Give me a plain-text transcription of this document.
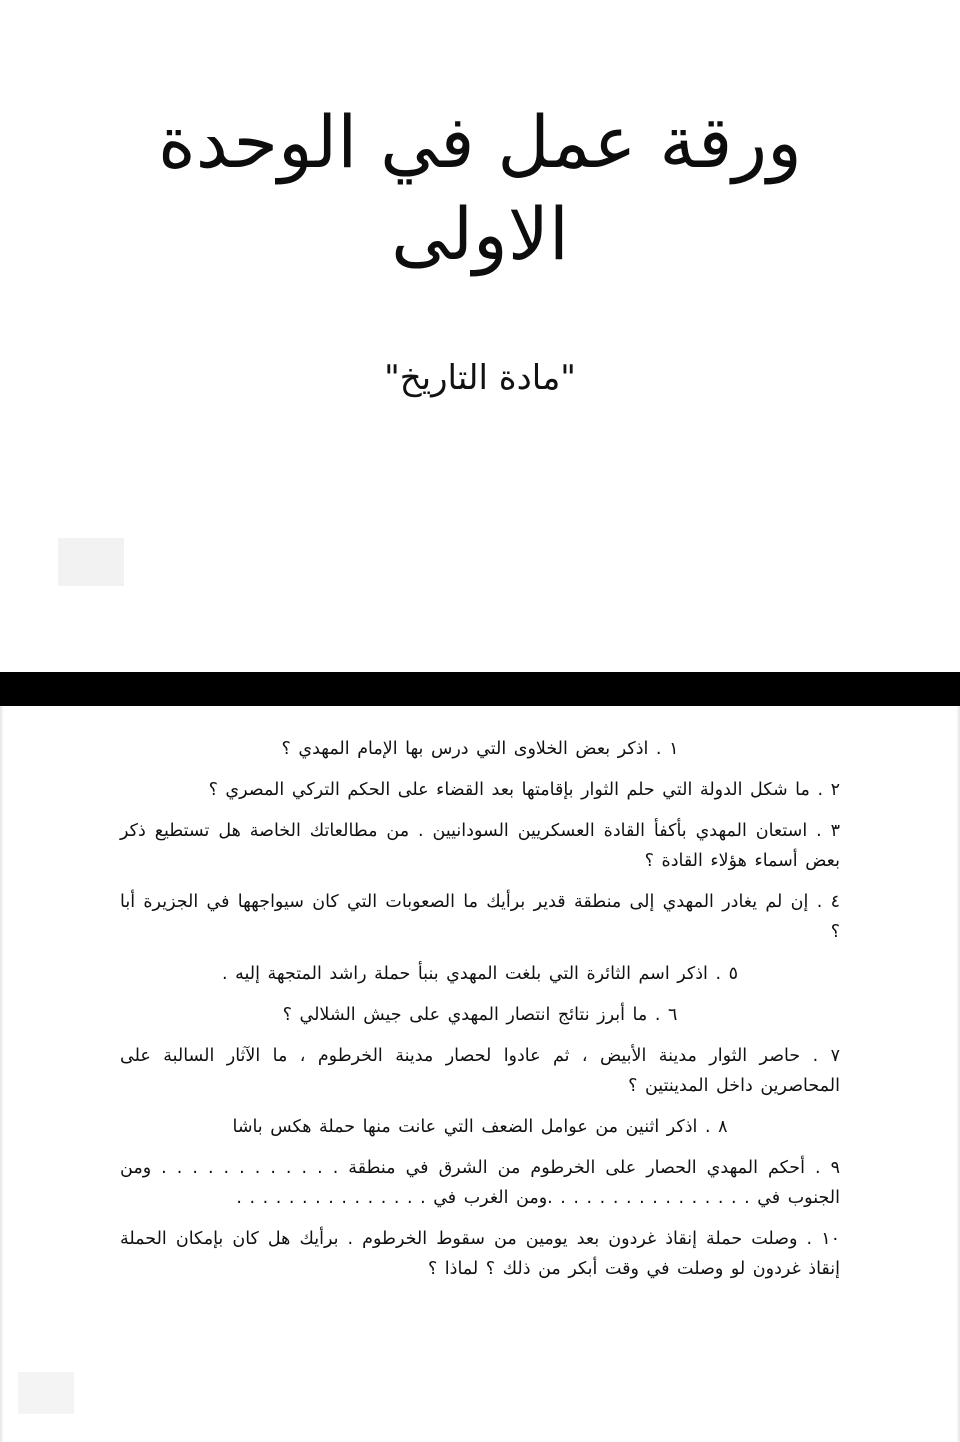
ورقة عمل في الوحدة الاولى
"مادة التاريخ"

١ . اذكر بعض الخلاوى التي درس بها الإمام المهدي ؟

٢ . ما شكل الدولة التي حلم الثوار بإقامتها بعد القضاء على الحكم التركي المصري ؟

٣ . استعان المهدي بأكفأ القادة العسكريين السودانيين . من مطالعاتك الخاصة هل تستطيع ذكر بعض أسماء هؤلاء القادة ؟

٤ . إن لم يغادر المهدي إلى منطقة قدير برأيك ما الصعوبات التي كان سيواجهها في الجزيرة أبا ؟

٥ . اذكر اسم الثائرة التي بلغت المهدي بنبأ حملة راشد المتجهة إليه .

٦ . ما أبرز نتائج انتصار المهدي على جيش الشلالي ؟

٧ . حاصر الثوار مدينة الأبيض ، ثم عادوا لحصار مدينة الخرطوم ، ما الآثار السالبة على المحاصرين داخل المدينتين ؟

٨ . اذكر اثنين من عوامل الضعف التي عانت منها حملة هكس باشا

٩ . أحكم المهدي الحصار على الخرطوم من الشرق في منطقة . . . . . . . . . . . . ومن الجنوب في . . . . . . . . . . . . . . . .ومن الغرب في . . . . . . . . . . . . . . .

١٠ . وصلت حملة إنقاذ غردون بعد يومين من سقوط الخرطوم . برأيك هل كان بإمكان الحملة إنقاذ غردون لو وصلت في وقت أبكر من ذلك ؟ لماذا ؟
